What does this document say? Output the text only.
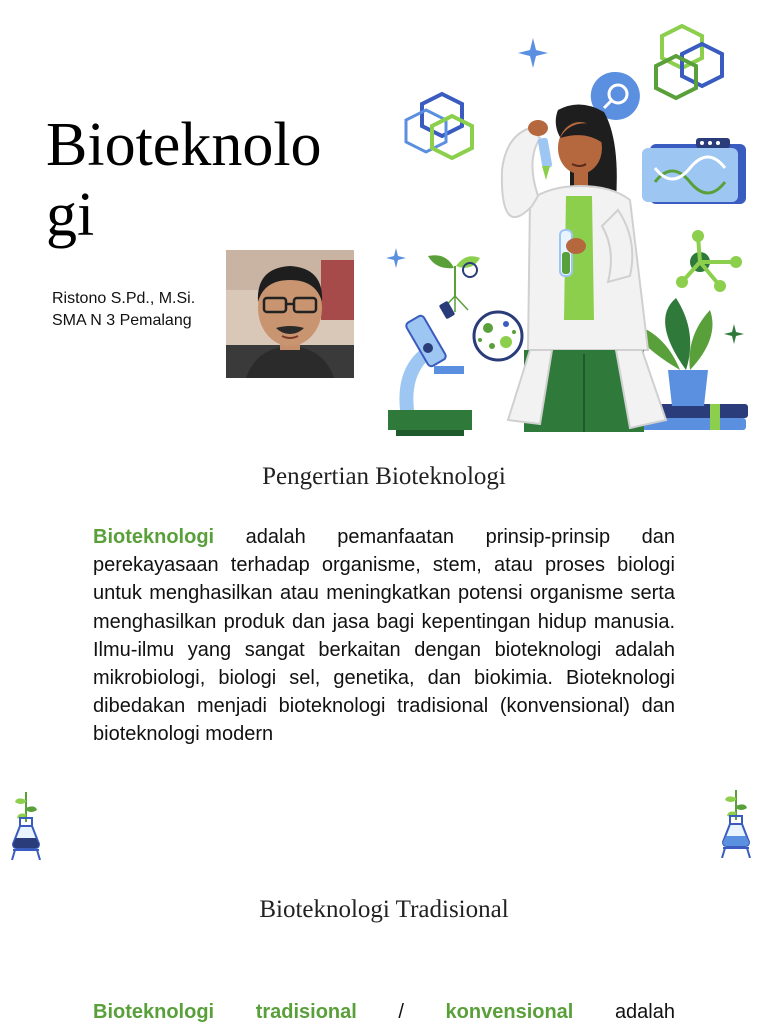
Bioteknologi
Ristono S.Pd., M.Si.
SMA N 3 Pemalang
Pengertian Bioteknologi

Bioteknologi adalah pemanfaatan prinsip-prinsip dan perekayasaan terhadap organisme, stem, atau proses biologi untuk menghasilkan atau meningkatkan potensi organisme serta menghasilkan produk dan jasa bagi kepentingan hidup manusia. Ilmu-ilmu yang sangat berkaitan dengan bioteknologi adalah mikrobiologi, biologi sel, genetika, dan biokimia. Bioteknologi dibedakan menjadi bioteknologi tradisional (konvensional) dan bioteknologi modern

Bioteknologi Tradisional
Bioteknologi tradisional / konvensional adalah
